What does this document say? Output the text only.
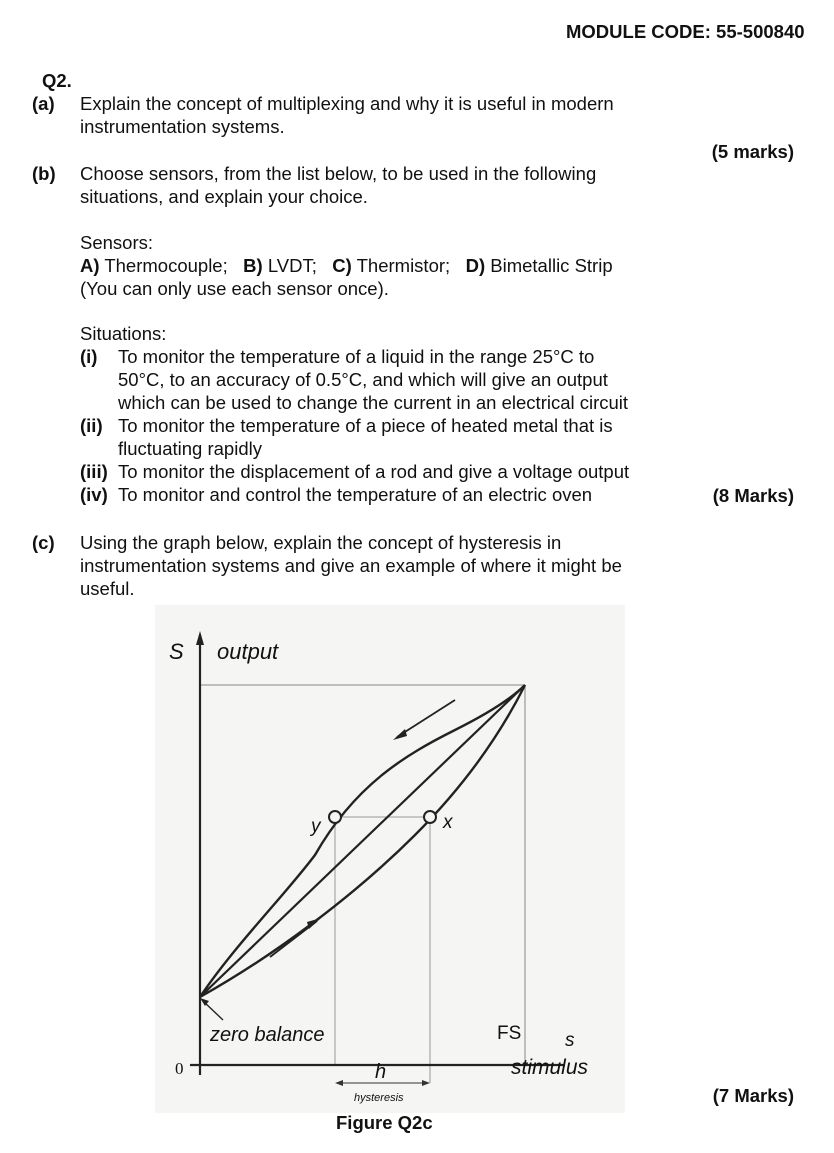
MODULE CODE: 55-500840
Q2.
(a) Explain the concept of multiplexing and why it is useful in modern
instrumentation systems.
(5 marks)
(b) Choose sensors, from the list below, to be used in the following
situations, and explain your choice.
Sensors:
A) Thermocouple; B) LVDT; C) Thermistor; D) Bimetallic Strip
(You can only use each sensor once).
Situations:
(i) To monitor the temperature of a liquid in the range 25°C to
50°C, to an accuracy of 0.5°C, and which will give an output
which can be used to change the current in an electrical circuit
(ii) To monitor the temperature of a piece of heated metal that is
fluctuating rapidly
(iii) To monitor the displacement of a rod and give a voltage output
(iv) To monitor and control the temperature of an electric oven	(8 Marks)
(c) Using the graph below, explain the concept of hysteresis in
instrumentation systems and give an example of where it might be
useful.
S output
y	x
zero balance	FS s
0	h
hysteresis
stimulus
Figure Q2c
(7 Marks)
